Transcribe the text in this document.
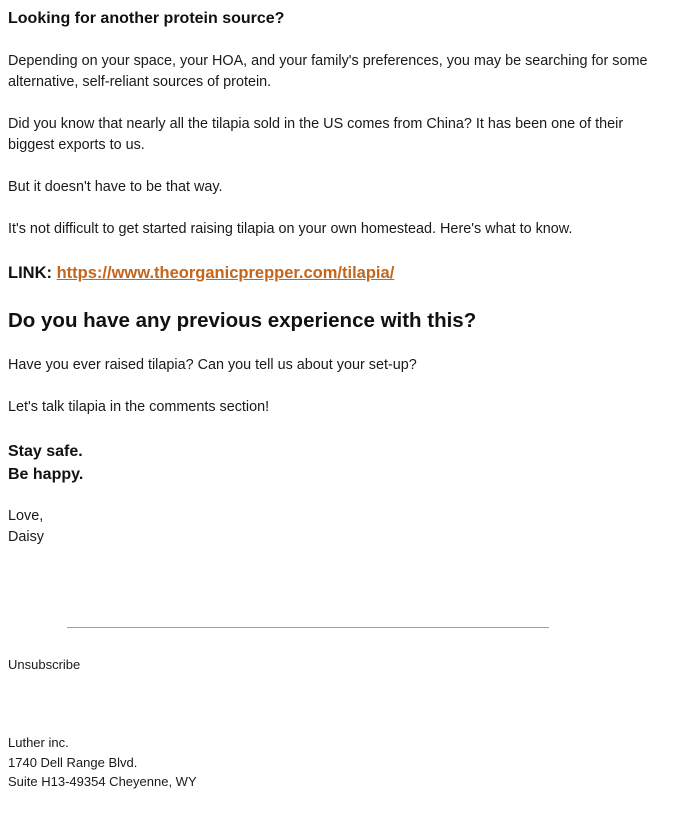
Looking for another protein source?

Depending on your space, your HOA, and your family's preferences, you may be searching for some
alternative, self-reliant sources of protein.

Did you know that nearly all the tilapia sold in the US comes from China? It has been one of their
biggest exports to us.

But it doesn't have to be that way.

It's not difficult to get started raising tilapia on your own homestead. Here's what to know.

LINK: https://www.theorganicprepper.com/tilapia/

Do you have any previous experience with this?

Have you ever raised tilapia? Can you tell us about your set-up?

Let's talk tilapia in the comments section!

Stay safe.
Be happy.

Love,
Daisy

Unsubscribe

Luther inc.
1740 Dell Range Blvd.
Suite H13-49354 Cheyenne, WY
